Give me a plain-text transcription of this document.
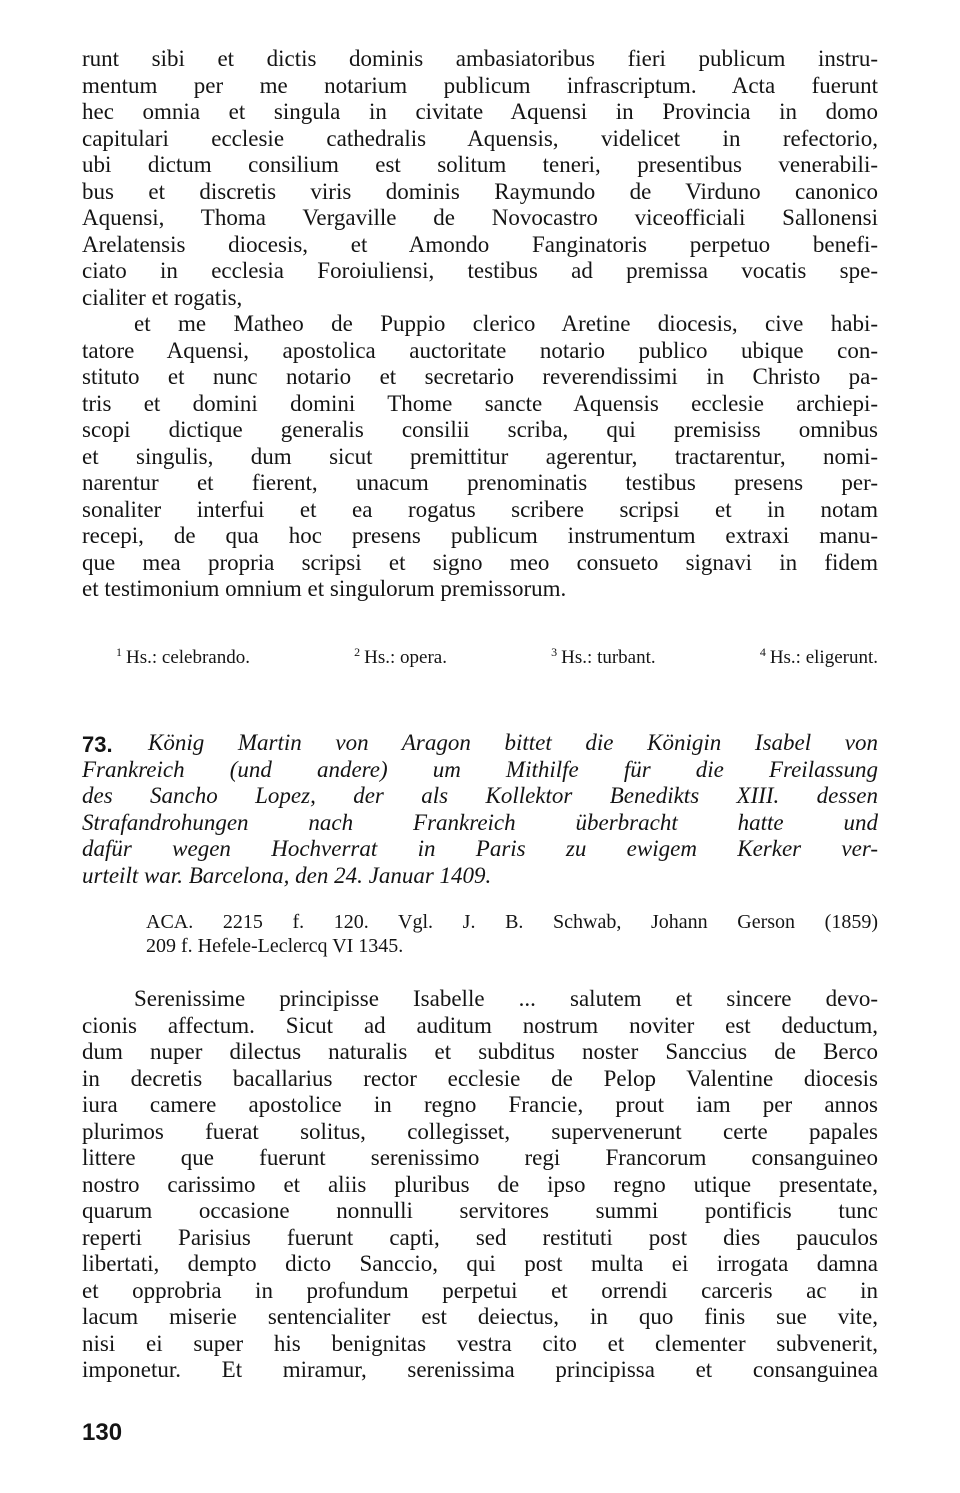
runt sibi et dictis dominis ambasiatoribus fieri publicum instru-
mentum per me notarium publicum infrascriptum. Acta fuerunt
hec omnia et singula in civitate Aquensi in Provincia in domo
capitulari ecclesie cathedralis Aquensis, videlicet in refectorio,
ubi dictum consilium est solitum teneri, presentibus venerabili-
bus et discretis viris dominis Raymundo de Virduno canonico
Aquensi, Thoma Vergaville de Novocastro viceofficiali Sallonensi
Arelatensis diocesis, et Amondo Fanginatoris perpetuo benefi-
ciato in ecclesia Foroiuliensi, testibus ad premissa vocatis spe-
cialiter et rogatis,
et me Matheo de Puppio clerico Aretine diocesis, cive habi-
tatore Aquensi, apostolica auctoritate notario publico ubique con-
stituto et nunc notario et secretario reverendissimi in Christo pa-
tris et domini domini Thome sancte Aquensis ecclesie archiepi-
scopi dictique generalis consilii scriba, qui premisiss omnibus
et singulis, dum sicut premittitur agerentur, tractarentur, nomi-
narentur et fierent, unacum prenominatis testibus presens per-
sonaliter interfui et ea rogatus scribere scripsi et in notam
recepi, de qua hoc presens publicum instrumentum extraxi manu-
que mea propria scripsi et signo meo consueto signavi in fidem
et testimonium omnium et singulorum premissorum.
$^1$ Hs.: celebrando.	$^2$ Hs.: opera.	$^3$ Hs.: turbant.	$^4$ Hs.: eligerunt.
73.	König Martin von Aragon bittet die Königin Isabel von
Frankreich (und andere) um Mithilfe für die Freilassung
des Sancho Lopez, der als Kollektor Benedikts XIII. dessen
Strafandrohungen nach Frankreich überbracht hatte und
dafür wegen Hochverrat in Paris zu ewigem Kerker ver-
urteilt war. Barcelona, den 24. Januar 1409.
ACA. 2215 f. 120. Vgl. J. B. Schwab, Johann Gerson (1859)
209 f. Hefele-Leclercq VI 1345.
Serenissime principisse Isabelle ... salutem et sincere devo-
cionis affectum. Sicut ad auditum nostrum noviter est deductum,
dum nuper dilectus naturalis et subditus noster Sanccius de Berco
in decretis bacallarius rector ecclesie de Pelop Valentine diocesis
iura camere apostolice in regno Francie, prout iam per annos
plurimos fuerat solitus, collegisset, supervenerunt certe papales
littere que fuerunt serenissimo regi Francorum consanguineo
nostro carissimo et aliis pluribus de ipso regno utique presentate,
quarum occasione nonnulli servitores summi pontificis tunc
reperti Parisius fuerunt capti, sed restituti post dies pauculos
libertati, dempto dicto Sanccio, qui post multa ei irrogata damna
et opprobria in profundum perpetui et orrendi carceris ac in
lacum miserie sentencialiter est deiectus, in quo finis sue vite,
nisi ei super his benignitas vestra cito et clementer subvenerit,
imponetur. Et miramur, serenissima principissa et consanguinea
130
